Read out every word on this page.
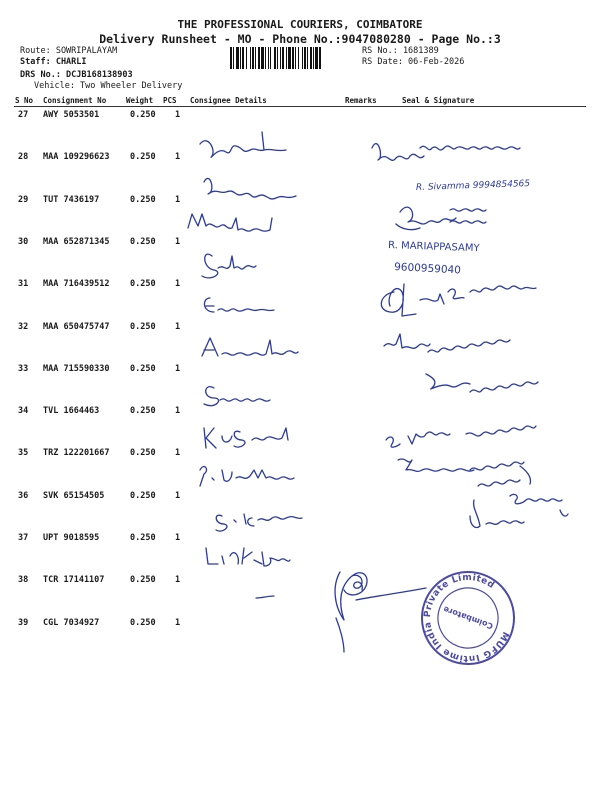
THE PROFESSIONAL COURIERS, COIMBATORE
Delivery Runsheet - MO - Phone No.:9047080280 - Page No.:3
Route: SOWRIPALAYAM
Staff: CHARLI
DRS No.: DCJB168138903
Vehicle: Two Wheeler Delivery
RS No.: 1681389
RS Date: 06-Feb-2026
S No Consignment No	Weight PCS Consignee Details	Remarks	Seal & Signature
27 AWY 5053501	0.250 1
28 MAA 109296623 0.250 1
29 TUT 7436197	0.250 1
30 MAA 652871345 0.250 1
31 MAA 716439512 0.250 1
32 MAA 650475747 0.250 1
33 MAA 715590330 0.250 1
34 TVL 1664463	0.250 1
35 TRZ 122201667 0.250 1
36 SVK 65154505	0.250 1
37 UPT 9018595	0.250 1
38 TCR 17141107	0.250 1
39 CGL 7034927	0.250 1
R. Sivamma 9994854565
R. MARIAPPASAMY
9600959040
MUFG Intime India Private Limited
Coimbatore
